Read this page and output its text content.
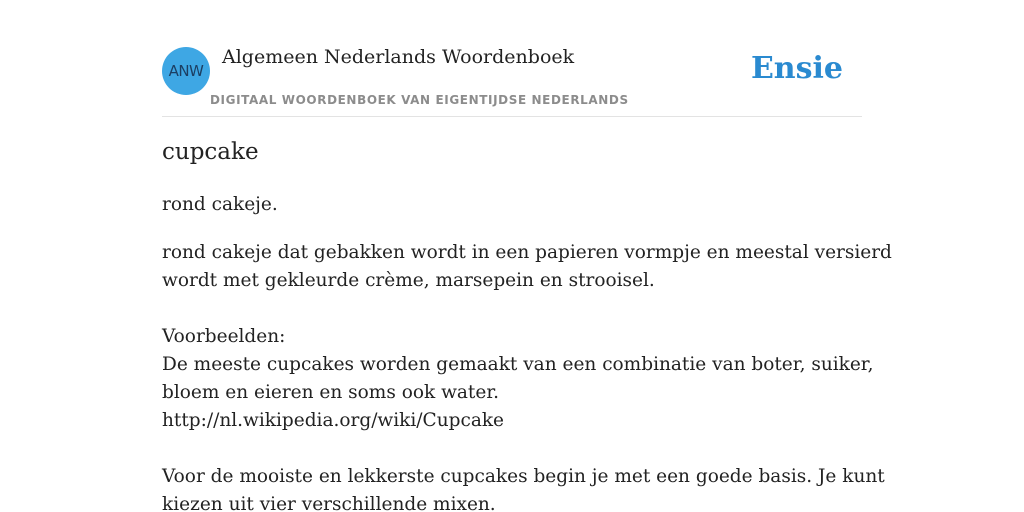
ANW
Algemeen Nederlands Woordenboek
DIGITAAL WOORDENBOEK VAN EIGENTIJDSE NEDERLANDS
Ensie
cupcake

rond cakeje.

rond cakeje dat gebakken wordt in een papieren vormpje en meestal versierd
wordt met gekleurde crème, marsepein en strooisel.
Voorbeelden:
De meeste cupcakes worden gemaakt van een combinatie van boter, suiker,
bloem en eieren en soms ook water.
http://nl.wikipedia.org/wiki/Cupcake
Voor de mooiste en lekkerste cupcakes begin je met een goede basis. Je kunt
kiezen uit vier verschillende mixen.
